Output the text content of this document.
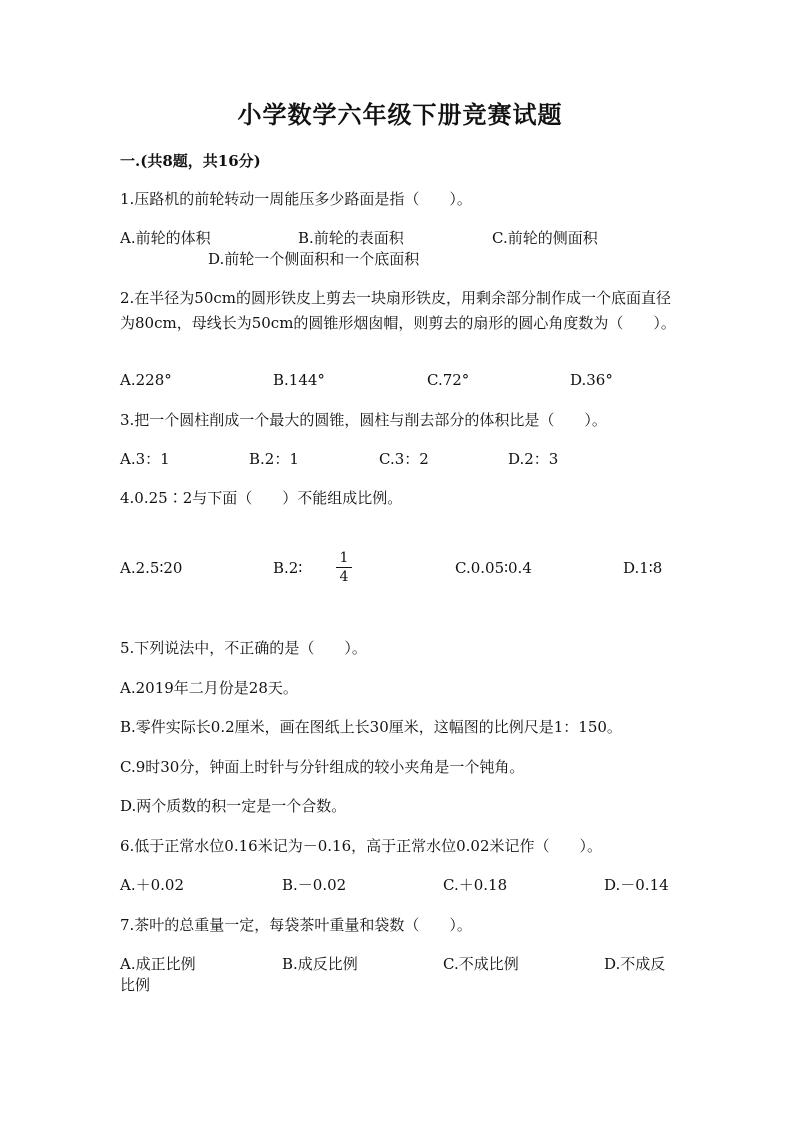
小学数学六年级下册竞赛试题
一.(共8题，共16分)
1.压路机的前轮转动一周能压多少路面是指（　　）。
A.前轮的体积	B.前轮的表面积	C.前轮的侧面积
D.前轮一个侧面积和一个底面积
2.在半径为50cm的圆形铁皮上剪去一块扇形铁皮，用剩余部分制作成一个底面直径为80cm，母线长为50cm的圆锥形烟囱帽，则剪去的扇形的圆心角度数为（　　）。
A.228°	B.144°	C.72°	D.36°
3.把一个圆柱削成一个最大的圆锥，圆柱与削去部分的体积比是（　　）。
A.3：1	B.2：1	C.3：2	D.2：3
4.0.25∶2与下面（　　）不能组成比例。
A.2.5∶20	B.2∶
1
4	C.0.05∶0.4	D.1∶8
5.下列说法中，不正确的是（　　）。
A.2019年二月份是28天。
B.零件实际长0.2厘米，画在图纸上长30厘米，这幅图的比例尺是1：150。
C.9时30分，钟面上时针与分针组成的较小夹角是一个钝角。
D.两个质数的积一定是一个合数。
6.低于正常水位0.16米记为－0.16，高于正常水位0.02米记作（　　）。
A.＋0.02	B.－0.02	C.＋0.18	D.－0.14
7.茶叶的总重量一定，每袋茶叶重量和袋数（　　）。
A.成正比例	B.成反比例	C.不成比例	D.不成反
比例
